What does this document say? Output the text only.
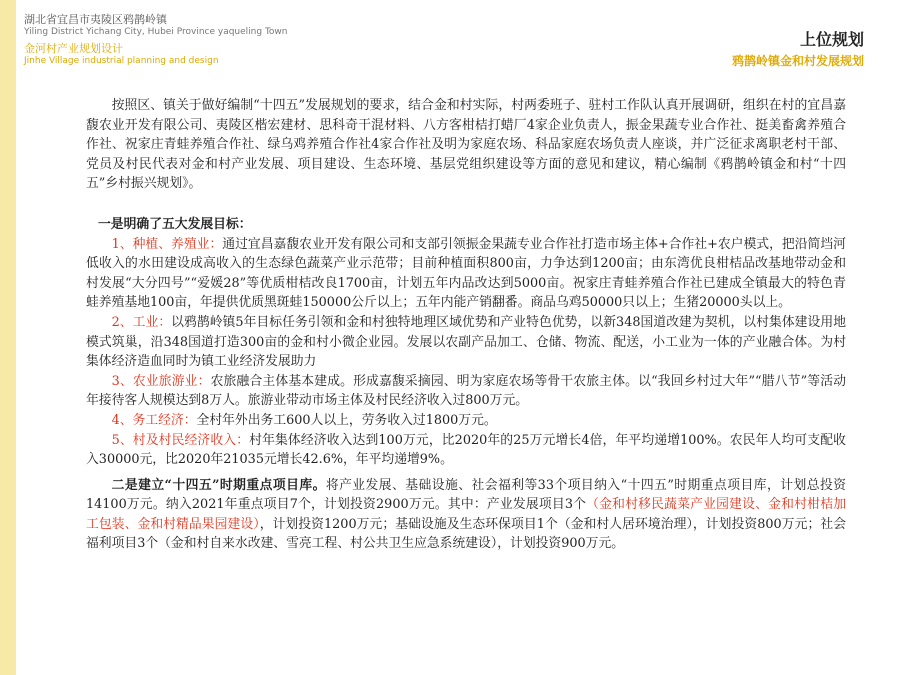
湖北省宜昌市夷陵区鸦鹊岭镇
Yiling District Yichang City, Hubei Province yaqueling Town
金河村产业规划设计
Jinhe Village industrial planning and design
上位规划
鸦鹊岭镇金和村发展规划

按照区、镇关于做好编制“十四五”发展规划的要求，结合金和村实际，村两委班子、驻村工作队认真开展调研，组织在村的宜昌嘉馥农业开发有限公司、夷陵区楷宏建材、思科奇干混材料、八方客柑桔打蜡厂4家企业负责人，振金果蔬专业合作社、挺美畜禽养殖合作社、祝家庄青蛙养殖合作社、绿乌鸡养殖合作社4家合作社及明为家庭农场、科品家庭农场负责人座谈，并广泛征求离职老村干部、党员及村民代表对金和村产业发展、项目建设、生态环境、基层党组织建设等方面的意见和建议，精心编制《鸦鹊岭镇金和村“十四五”乡村振兴规划》。

一是明确了五大发展目标：

1、种植、养殖业：通过宜昌嘉馥农业开发有限公司和支部引领振金果蔬专业合作社打造市场主体+合作社+农户模式，把沿简垱河低收入的水田建设成高收入的生态绿色蔬菜产业示范带；目前种植面积800亩，力争达到1200亩；由东湾优良柑桔品改基地带动金和村发展“大分四号”“爱媛28”等优质柑桔改良1700亩，计划五年内品改达到5000亩。祝家庄青蛙养殖合作社已建成全镇最大的特色青蛙养殖基地100亩，年提供优质黑斑蛙150000公斤以上；五年内能产销翻番。商品乌鸡50000只以上；生猪20000头以上。

2、工业：以鸦鹊岭镇5年目标任务引领和金和村独特地理区域优势和产业特色优势，以新348国道改建为契机，以村集体建设用地模式筑巢，沿348国道打造300亩的金和村小微企业园。发展以农副产品加工、仓储、物流、配送，小工业为一体的产业融合体。为村集体经济造血同时为镇工业经济发展助力

3、农业旅游业：农旅融合主体基本建成。形成嘉馥采摘园、明为家庭农场等骨干农旅主体。以“我回乡村过大年”“腊八节”等活动年接待客人规模达到8万人。旅游业带动市场主体及村民经济收入过800万元。

4、务工经济：全村年外出务工600人以上，劳务收入过1800万元。

5、村及村民经济收入：村年集体经济收入达到100万元，比2020年的25万元增长4倍，年平均递增100%。农民年人均可支配收入30000元，比2020年21035元增长42.6%，年平均递增9%。

二是建立“十四五”时期重点项目库。将产业发展、基础设施、社会福利等33个项目纳入“十四五”时期重点项目库，计划总投资14100万元。纳入2021年重点项目7个，计划投资2900万元。其中：产业发展项目3个（金和村移民蔬菜产业园建设、金和村柑桔加工包装、金和村精品果园建设），计划投资1200万元；基础设施及生态环保项目1个（金和村人居环境治理），计划投资800万元；社会福利项目3个（金和村自来水改建、雪亮工程、村公共卫生应急系统建设），计划投资900万元。
